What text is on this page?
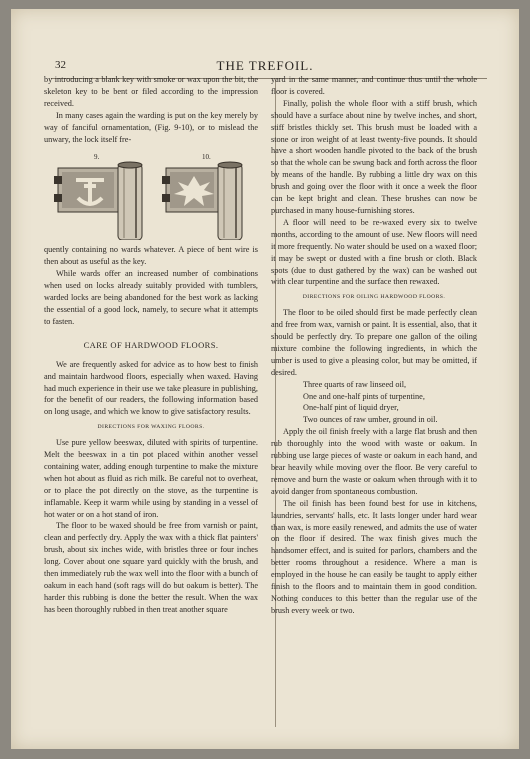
32	THE TREFOIL.

by introducing a blank key with smoke or wax upon the bit, the skeleton key to be bent or filed according to the impression received.

In many cases again the warding is put on the key merely by way of fanciful ornamentation, (Fig. 9-10), or to mislead the unwary, the lock itself fre-

9.	10.

quently containing no wards whatever. A piece of bent wire is then about as useful as the key.

While wards offer an increased number of combinations when used on locks already suitably provided with tumblers, warded locks are being abandoned for the best work as lacking the essential of a good lock, namely, to secure what it attempts to fasten.

CARE OF HARDWOOD FLOORS.

We are frequently asked for advice as to how best to finish and maintain hardwood floors, especially when waxed. Having had much experience in their use we take pleasure in publishing, for the benefit of our readers, the following information based on long usage, and which we know to give satisfactory results.

DIRECTIONS FOR WAXING FLOORS.

Use pure yellow beeswax, diluted with spirits of turpentine. Melt the beeswax in a tin pot placed within another vessel containing water, adding enough turpentine to make the mixture when hot about as fluid as rich milk. Be careful not to overheat, or to place the pot directly on the stove, as the turpentine is inflamable. Keep it warm while using by standing in a vessel of hot water or on a hot stand of iron.

The floor to be waxed should be free from varnish or paint, clean and perfectly dry. Apply the wax with a thick flat painters' brush, about six inches wide, with bristles three or four inches long. Cover about one square yard quickly with the brush, and then immediately rub the wax well into the floor with a bunch of oakum in each hand (soft rags will do but oakum is better). The harder this rubbing is done the better the result. When the wax has been thoroughly rubbed in then treat another square

yard in the same manner, and continue thus until the whole floor is covered.

Finally, polish the whole floor with a stiff brush, which should have a surface about nine by twelve inches, and short, stiff bristles thickly set. This brush must be loaded with a stone or iron weight of at least twenty-five pounds. It should have a short wooden handle pivoted to the back of the brush so that the whole can be swung back and forth across the floor by means of the handle. By rubbing a little dry wax on this brush and going over the floor with it once a week the floor can be kept bright and clean. These brushes can now be purchased in many house-furnishing stores.

A floor will need to be re-waxed every six to twelve months, according to the amount of use. New floors will need it more frequently. No water should be used on a waxed floor; it may be swept or dusted with a fine brush or cloth. Black spots (due to dust gathered by the wax) can be washed out with clear turpentine and the surface then rewaxed.

DIRECTIONS FOR OILING HARDWOOD FLOORS.

The floor to be oiled should first be made perfectly clean and free from wax, varnish or paint. It is essential, also, that it should be perfectly dry. To prepare one gallon of the oiling mixture combine the following ingredients, in which the umber is used to give a pleasing color, but may be omitted, if desired.

Three quarts of raw linseed oil,

One and one-half pints of turpentine,

One-half pint of liquid dryer,

Two ounces of raw umber, ground in oil.

Apply the oil finish freely with a large flat brush and then rub thoroughly into the wood with waste or oakum. In rubbing use large pieces of waste or oakum in each hand, and bear heavily while moving over the floor. Be very careful to remove and burn the waste or oakum when through with it to avoid danger from spontaneous combustion.

The oil finish has been found best for use in kitchens, laundries, servants' halls, etc. It lasts longer under hard wear than wax, is more easily renewed, and admits the use of water on the floor if desired. The wax finish gives much the handsomer effect, and is suited for parlors, chambers and the better rooms throughout a residence. Where a man is employed in the house he can easily be taught to apply either finish to the floors and to maintain them in good condition. Nothing conduces to this better than the regular use of the brush every week or two.
